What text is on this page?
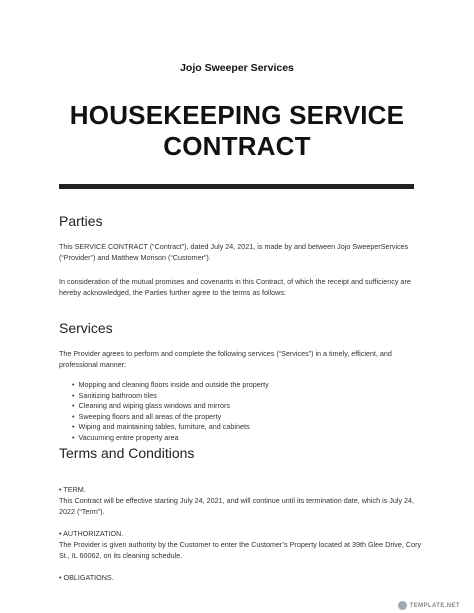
Jojo Sweeper Services
HOUSEKEEPING SERVICE
CONTRACT
Parties
This SERVICE CONTRACT (“Contract”), dated July 24, 2021, is made by and between Jojo SweeperServices (“Provider”) and Matthew Morison (“Customer”).
In consideration of the mutual promises and covenants in this Contract, of which the receipt and sufficiency are hereby acknowledged, the Parties further agree to the terms as follows:
Services
The Provider agrees to perform and complete the following services (“Services”) in a timely, efficient, and professional manner:
• Mopping and cleaning floors inside and outside the property
• Sanitizing bathroom tiles
• Cleaning and wiping glass windows and mirrors
• Sweeping floors and all areas of the property
• Wiping and maintaining tables, furniture, and cabinets
• Vacuuming entire property area
Terms and Conditions
• TERM.
This Contract will be effective starting July 24, 2021, and will continue until its termination date, which is July 24, 2022 (“Term”).
• AUTHORIZATION.
The Provider is given authority by the Customer to enter the Customer’s Property located at 39th Glee Drive, Cory St., IL 60062, on its cleaning schedule.
• OBLIGATIONS.
TEMPLATE.NET
